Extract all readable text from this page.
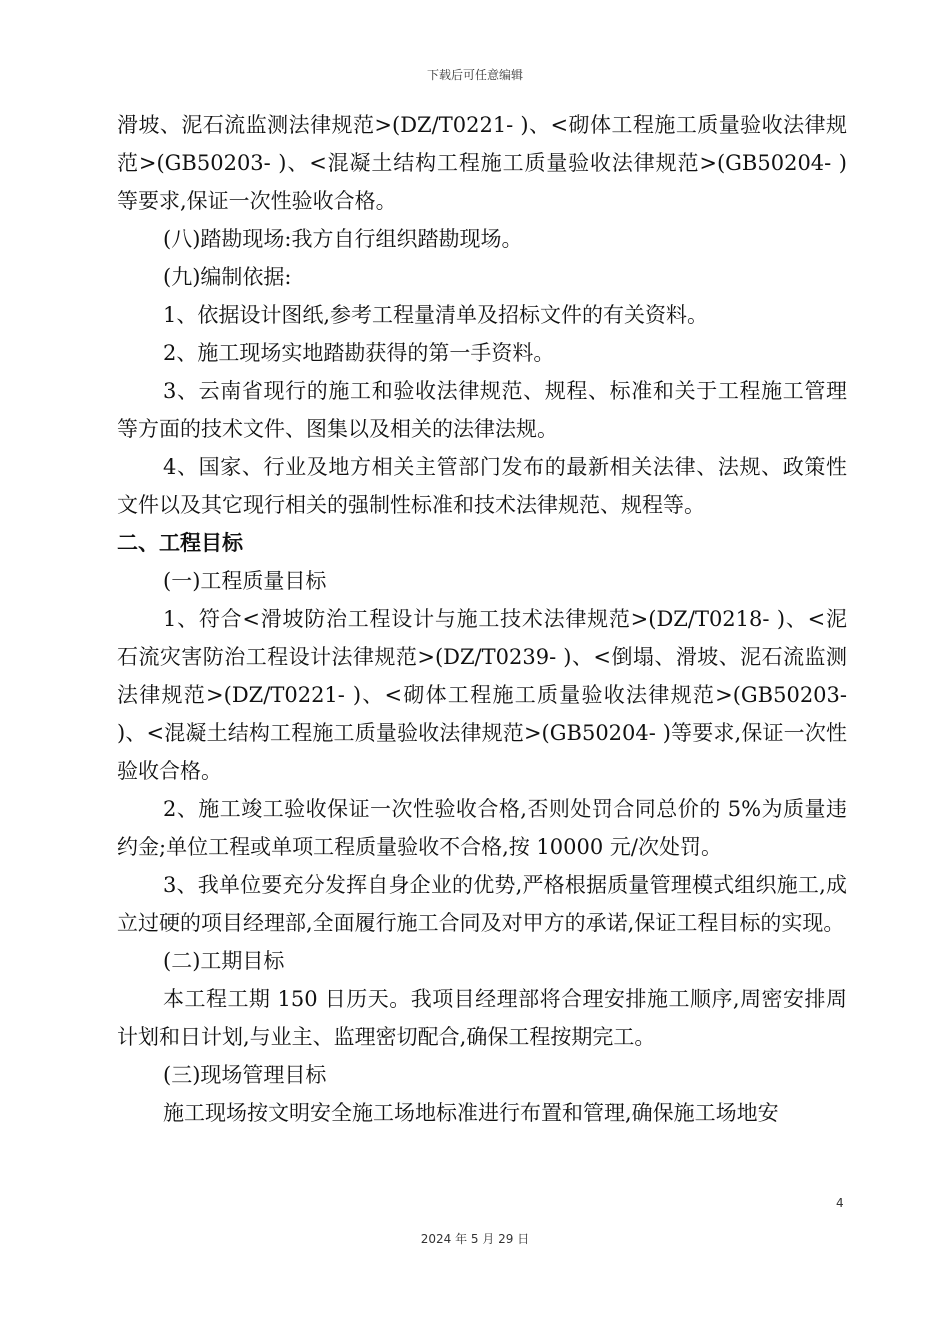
下载后可任意编辑

滑坡、泥石流监测法律规范>(DZ/T0221- )、<砌体工程施工质量验收法律规范>(GB50203- )、<混凝土结构工程施工质量验收法律规范>(GB50204- )等要求,保证一次性验收合格。

(八)踏勘现场:我方自行组织踏勘现场。

(九)编制依据:

1、依据设计图纸,参考工程量清单及招标文件的有关资料。

2、施工现场实地踏勘获得的第一手资料。

3、云南省现行的施工和验收法律规范、规程、标准和关于工程施工管理等方面的技术文件、图集以及相关的法律法规。

4、国家、行业及地方相关主管部门发布的最新相关法律、法规、政策性文件以及其它现行相关的强制性标准和技术法律规范、规程等。

二、工程目标

(一)工程质量目标

1、符合<滑坡防治工程设计与施工技术法律规范>(DZ/T0218- )、<泥石流灾害防治工程设计法律规范>(DZ/T0239- )、<倒塌、滑坡、泥石流监测法律规范>(DZ/T0221- )、<砌体工程施工质量验收法律规范>(GB50203- )、<混凝土结构工程施工质量验收法律规范>(GB50204- )等要求,保证一次性验收合格。

2、施工竣工验收保证一次性验收合格,否则处罚合同总价的 5%为质量违约金;单位工程或单项工程质量验收不合格,按 10000 元/次处罚。

3、我单位要充分发挥自身企业的优势,严格根据质量管理模式组织施工,成立过硬的项目经理部,全面履行施工合同及对甲方的承诺,保证工程目标的实现。

(二)工期目标

本工程工期 150 日历天。我项目经理部将合理安排施工顺序,周密安排周计划和日计划,与业主、监理密切配合,确保工程按期完工。

(三)现场管理目标

施工现场按文明安全施工场地标准进行布置和管理,确保施工场地安

4
2024 年 5 月 29 日
